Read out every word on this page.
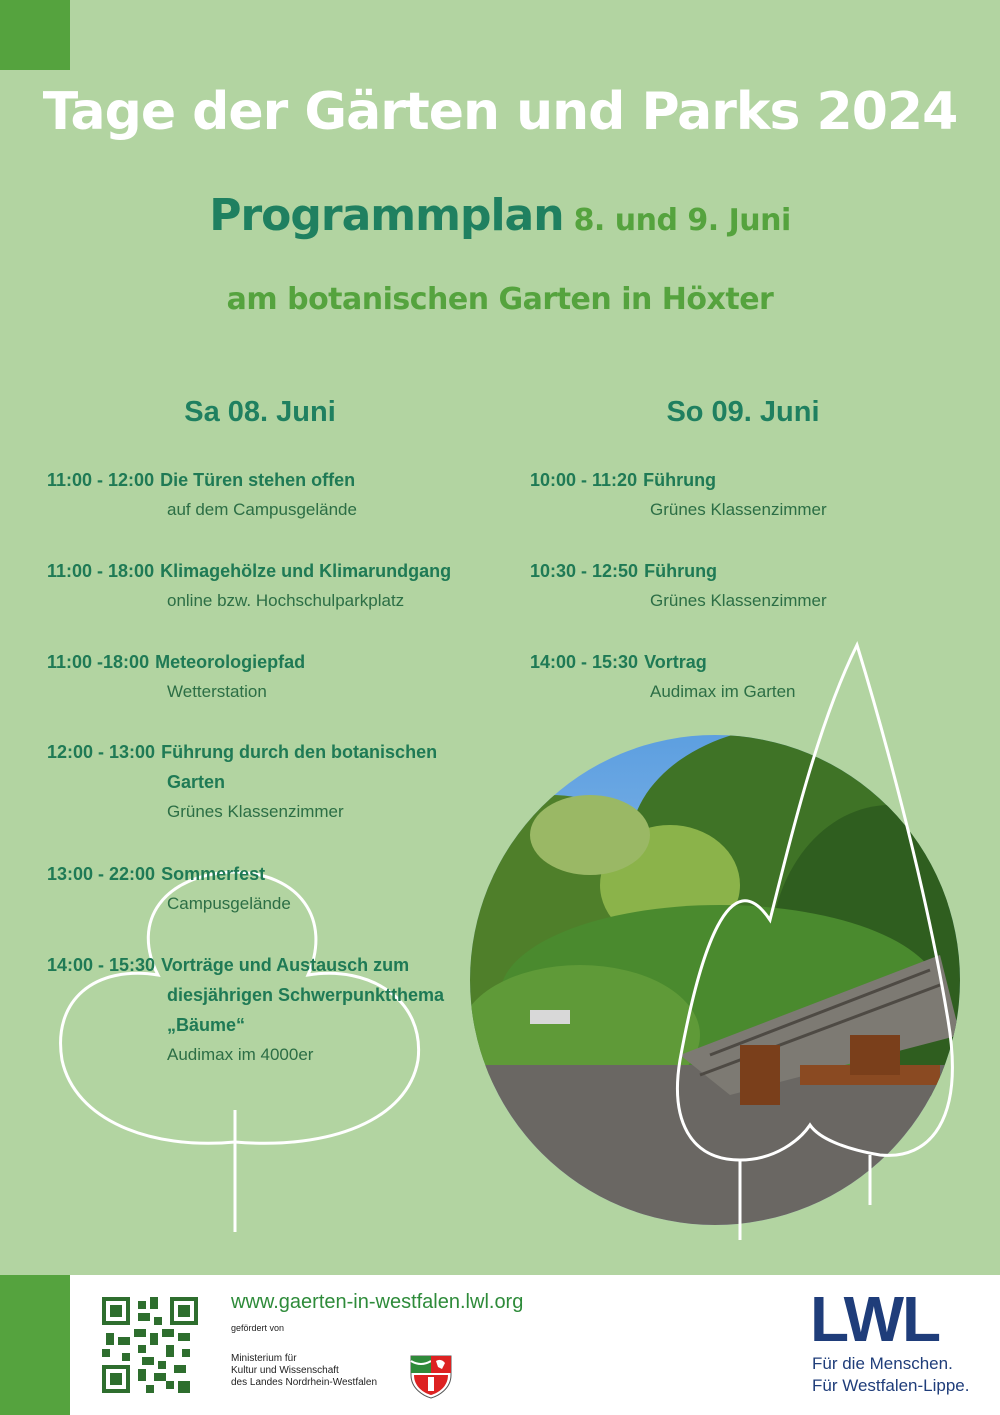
Tage der Gärten und Parks 2024
Programmplan 8. und 9. Juni
am botanischen Garten in Höxter
Sa 08. Juni	So 09. Juni
11:00 - 12:00 Die Türen stehen offen
auf dem Campusgelände
11:00 - 18:00 Klimagehölze und Klimarundgang
online bzw. Hochschulparkplatz
11:00 -18:00 Meteorologiepfad
Wetterstation
12:00 - 13:00 Führung durch den botanischen
Garten
Grünes Klassenzimmer
13:00 - 22:00 Sommerfest
Campusgelände
14:00 - 15:30 Vorträge und Austausch zum
diesjährigen Schwerpunktthema
„Bäume“
Audimax im 4000er
10:00 - 11:20 Führung
Grünes Klassenzimmer
10:30 - 12:50 Führung
Grünes Klassenzimmer
14:00 - 15:30 Vortrag
Audimax im Garten
www.gaerten-in-westfalen.lwl.org
gefördert von
Ministerium für
Kultur und Wissenschaft
des Landes Nordrhein-Westfalen
LWL
Für die Menschen.
Für Westfalen-Lippe.
